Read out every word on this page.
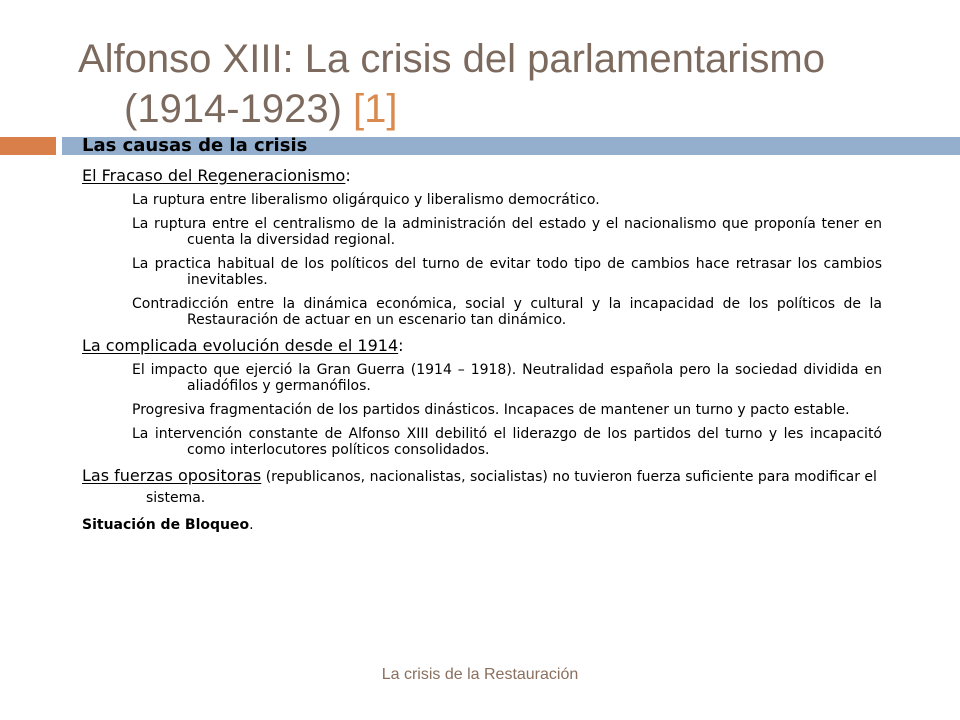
Alfonso XIII: La crisis del parlamentarismo
(1914-1923) [1]
Las causas de la crisis
El Fracaso del Regeneracionismo:
La ruptura entre liberalismo oligárquico y liberalismo democrático.
La ruptura entre el centralismo de la administración del estado y el nacionalismo que proponía tener en cuenta la diversidad regional.
La practica habitual de los políticos del turno de evitar todo tipo de cambios hace retrasar los cambios inevitables.
Contradicción entre la dinámica económica, social y cultural y la incapacidad de los políticos de la Restauración de actuar en un escenario tan dinámico.
La complicada evolución desde el 1914:
El impacto que ejerció la Gran Guerra (1914 – 1918). Neutralidad española pero la sociedad dividida en aliadófilos y germanófilos.
Progresiva fragmentación de los partidos dinásticos. Incapaces de mantener un turno y pacto estable.
La intervención constante de Alfonso XIII debilitó el liderazgo de los partidos del turno y les incapacitó como interlocutores políticos consolidados.
Las fuerzas opositoras (republicanos, nacionalistas, socialistas) no tuvieron fuerza suficiente para modificar el sistema.
Situación de Bloqueo.
La crisis de la Restauración
